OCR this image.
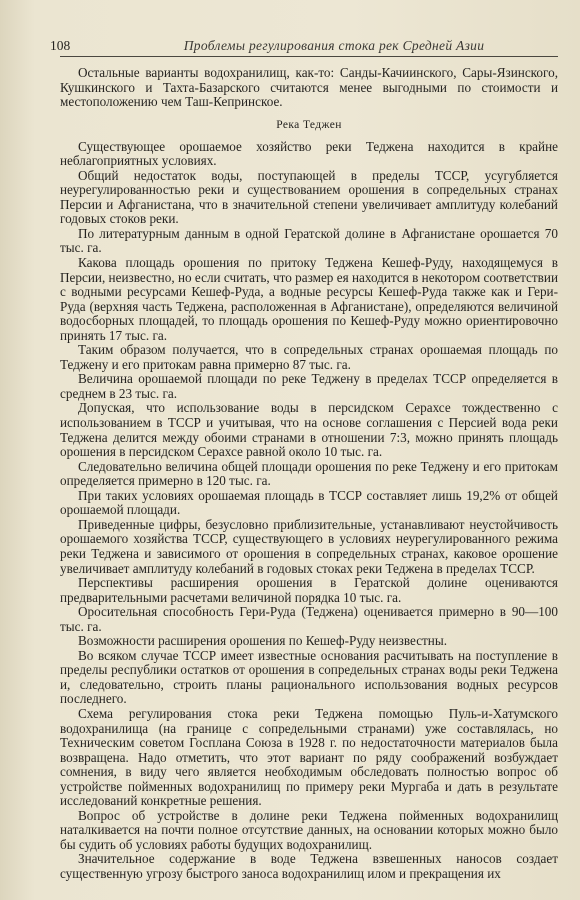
108	Проблемы регулирования стока рек Средней Азии

Остальные варианты водохранилищ, как-то: Санды-Качиинского, Сары-Язинского, Кушкинского и Тахта-Базарского считаются менее выгодными по стоимости и местоположению чем Таш-Кепринское.

Река Теджен

Существующее орошаемое хозяйство реки Теджена находится в крайне неблагоприятных условиях.

Общий недостаток воды, поступающей в пределы ТССР, усугубляется неурегулированностью реки и существованием орошения в сопредельных странах Персии и Афганистана, что в значительной степени увеличивает амплитуду колебаний годовых стоков реки.

По литературным данным в одной Гератской долине в Афганистане орошается 70 тыс. га.

Какова площадь орошения по притоку Теджена Кешеф-Руду, находящемуся в Персии, неизвестно, но если считать, что размер ея находится в некотором соответствии с водными ресурсами Кешеф-Руда, а водные ресурсы Кешеф-Руда также как и Гери-Руда (верхняя часть Теджена, расположенная в Афганистане), определяются величиной водосборных площадей, то площадь орошения по Кешеф-Руду можно ориентировочно принять 17 тыс. га.

Таким образом получается, что в сопредельных странах орошаемая площадь по Теджену и его притокам равна примерно 87 тыс. га.

Величина орошаемой площади по реке Теджену в пределах ТССР определяется в среднем в 23 тыс. га.

Допуская, что использование воды в персидском Серахсе тождественно с использованием в ТССР и учитывая, что на основе соглашения с Персией вода реки Теджена делится между обоими странами в отношении 7:3, можно принять площадь орошения в персидском Серахсе равной около 10 тыс. га.

Следовательно величина общей площади орошения по реке Теджену и его притокам определяется примерно в 120 тыс. га.

При таких условиях орошаемая площадь в ТССР составляет лишь 19,2% от общей орошаемой площади.

Приведенные цифры, безусловно приблизительные, устанавливают неустойчивость орошаемого хозяйства ТССР, существующего в условиях неурегулированного режима реки Теджена и зависимого от орошения в сопредельных странах, каковое орошение увеличивает амплитуду колебаний в годовых стоках реки Теджена в пределах ТССР.

Перспективы расширения орошения в Гератской долине оцениваются предварительными расчетами величиной порядка 10 тыс. га.

Оросительная способность Гери-Руда (Теджена) оценивается примерно в 90—100 тыс. га.

Возможности расширения орошения по Кешеф-Руду неизвестны.

Во всяком случае ТССР имеет известные основания расчитывать на поступление в пределы республики остатков от орошения в сопредельных странах воды реки Теджена и, следовательно, строить планы рационального использования водных ресурсов последнего.

Схема регулирования стока реки Теджена помощью Пуль-и-Хатумского водохранилища (на границе с сопредельными странами) уже составлялась, но Техническим советом Госплана Союза в 1928 г. по недостаточности материалов была возвращена. Надо отметить, что этот вариант по ряду соображений возбуждает сомнения, в виду чего является необходимым обследовать полностью вопрос об устройстве пойменных водохранилищ по примеру реки Мургаба и дать в результате исследований конкретные решения.

Вопрос об устройстве в долине реки Теджена пойменных водохранилищ наталкивается на почти полное отсутствие данных, на основании которых можно было бы судить об условиях работы будущих водохранилищ.

Значительное содержание в воде Теджена взвешенных наносов создает существенную угрозу быстрого заноса водохранилищ илом и прекращения их
